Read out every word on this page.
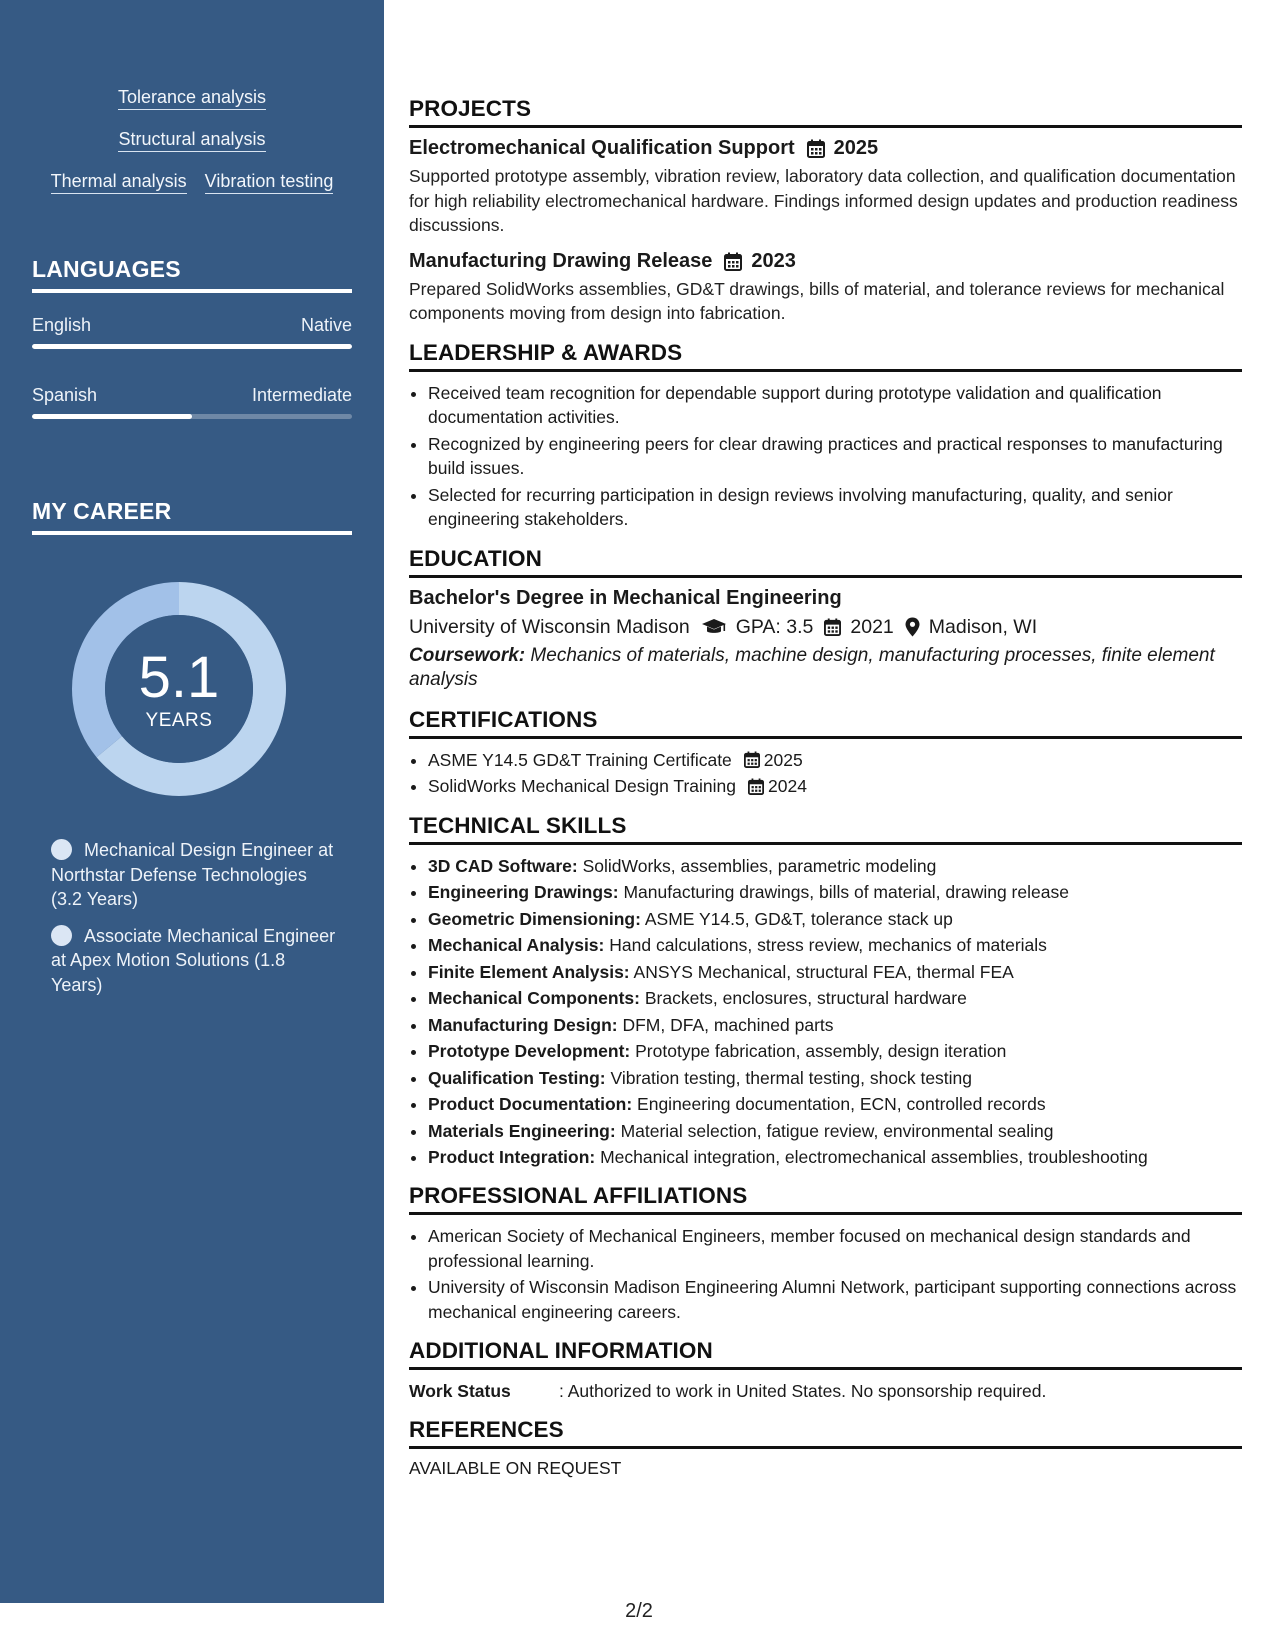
Tolerance analysis
Structural analysis
Thermal analysis Vibration testing
LANGUAGES
English	Native
Spanish	Intermediate
MY CAREER
5.1
YEARS
Mechanical Design Engineer at Northstar Defense Technologies (3.2 Years)
Associate Mechanical Engineer at Apex Motion Solutions (1.8 Years)
PROJECTS
Electromechanical Qualification Support 2025
Supported prototype assembly, vibration review, laboratory data collection, and qualification documentation for high reliability electromechanical hardware. Findings informed design updates and production readiness discussions.
Manufacturing Drawing Release 2023
Prepared SolidWorks assemblies, GD&T drawings, bills of material, and tolerance reviews for mechanical components moving from design into fabrication.
LEADERSHIP & AWARDS
• Received team recognition for dependable support during prototype validation and qualification documentation activities.
• Recognized by engineering peers for clear drawing practices and practical responses to manufacturing build issues.
• Selected for recurring participation in design reviews involving manufacturing, quality, and senior engineering stakeholders.
EDUCATION
Bachelor's Degree in Mechanical Engineering
University of Wisconsin Madison GPA: 3.5 2021 Madison, WI
Coursework: Mechanics of materials, machine design, manufacturing processes, finite element analysis
CERTIFICATIONS
• ASME Y14.5 GD&T Training Certificate 2025
• SolidWorks Mechanical Design Training 2024
TECHNICAL SKILLS
• 3D CAD Software: SolidWorks, assemblies, parametric modeling
• Engineering Drawings: Manufacturing drawings, bills of material, drawing release
• Geometric Dimensioning: ASME Y14.5, GD&T, tolerance stack up
• Mechanical Analysis: Hand calculations, stress review, mechanics of materials
• Finite Element Analysis: ANSYS Mechanical, structural FEA, thermal FEA
• Mechanical Components: Brackets, enclosures, structural hardware
• Manufacturing Design: DFM, DFA, machined parts
• Prototype Development: Prototype fabrication, assembly, design iteration
• Qualification Testing: Vibration testing, thermal testing, shock testing
• Product Documentation: Engineering documentation, ECN, controlled records
• Materials Engineering: Material selection, fatigue review, environmental sealing
• Product Integration: Mechanical integration, electromechanical assemblies, troubleshooting
PROFESSIONAL AFFILIATIONS
• American Society of Mechanical Engineers, member focused on mechanical design standards and professional learning.
• University of Wisconsin Madison Engineering Alumni Network, participant supporting connections across mechanical engineering careers.
ADDITIONAL INFORMATION
Work Status	: Authorized to work in United States. No sponsorship required.
REFERENCES
AVAILABLE ON REQUEST
2/2
